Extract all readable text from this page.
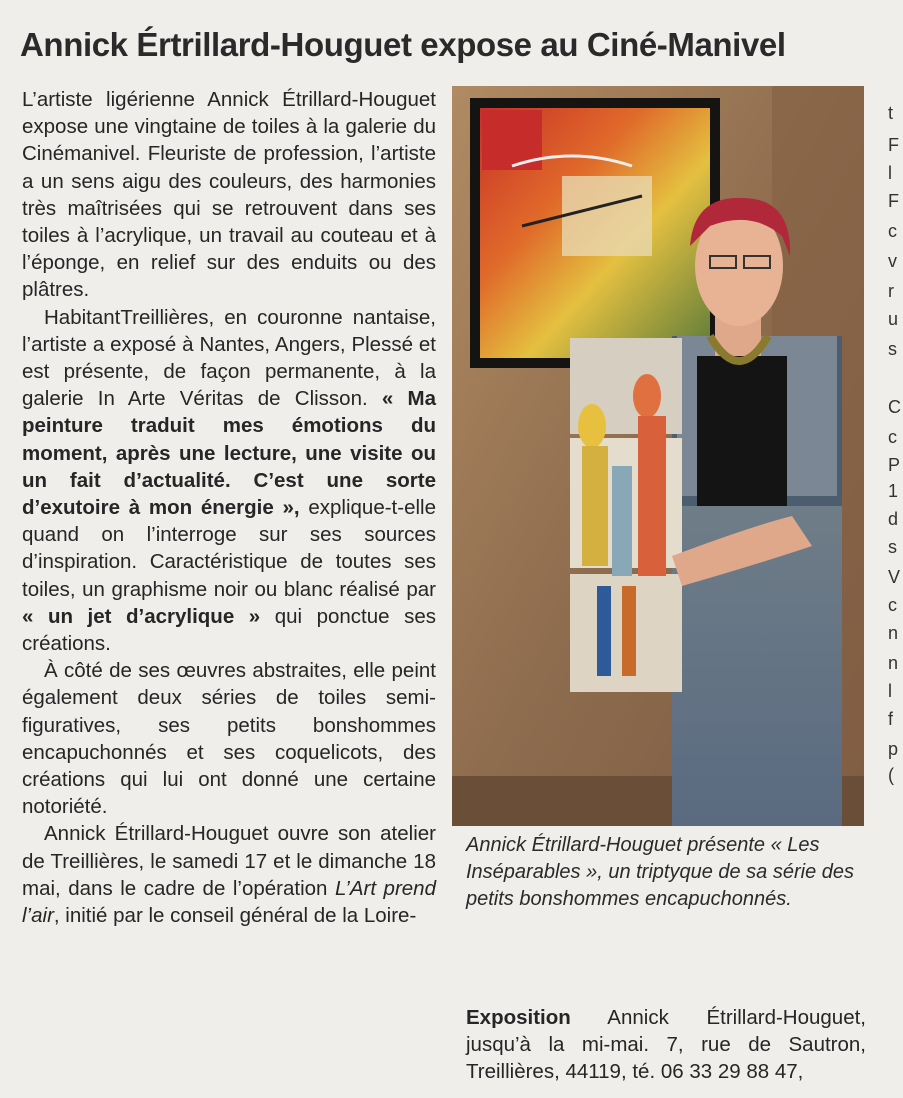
Annick Értrillard-Houguet expose au Ciné-Manivel

L’artiste ligérienne Annick Étrillard-Houguet expose une vingtaine de toiles à la galerie du Cinémanivel. Fleuriste de profession, l’artiste a un sens aigu des couleurs, des harmonies très maîtrisées qui se retrouvent dans ses toiles à l’acrylique, un travail au couteau et à l’éponge, en relief sur des enduits ou des plâtres.

HabitantTreillières, en couronne nantaise, l’artiste a exposé à Nantes, Angers, Plessé et est présente, de façon permanente, à la galerie In Arte Véritas de Clisson. « Ma peinture traduit mes émotions du moment, après une lecture, une visite ou un fait d’actualité. C’est une sorte d’exutoire à mon énergie », explique-t-elle quand on l’interroge sur ses sources d’inspiration. Caractéristique de toutes ses toiles, un graphisme noir ou blanc réalisé par « un jet d’acrylique » qui ponctue ses créations.

À côté de ses œuvres abstraites, elle peint également deux séries de toiles semi-figuratives, ses petits bonshommes encapuchonnés et ses coquelicots, des créations qui lui ont donné une certaine notoriété.

Annick Étrillard-Houguet ouvre son atelier de Treillières, le samedi 17 et le dimanche 18 mai, dans le cadre de l’opération L’Art prend l’air, initié par le conseil général de la Loire-

Annick Étrillard-Houguet présente « Les Inséparables », un triptyque de sa série des petits bonshommes encapuchonnés.
Exposition Annick Étrillard-Houguet, jusqu’à la mi-mai. 7, rue de Sautron, Treillières, 44119, té. 06 33 29 88 47,
t
F
l
F
c
v
r
u
s
C
c
P
1
d
s
V
c
n
n
l
f
p
(
